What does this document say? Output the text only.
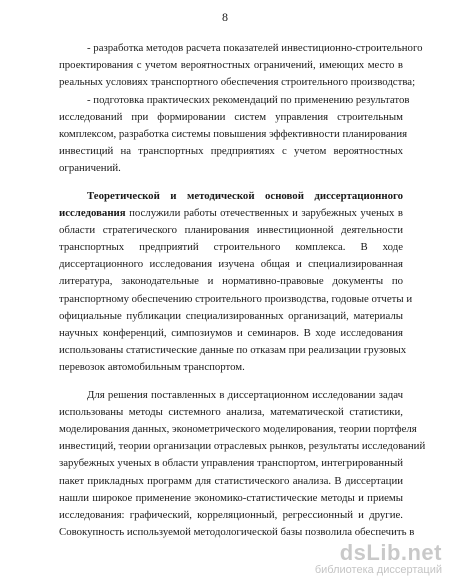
8
- разработка методов расчета показателей инвестиционно-строительного
проектирования с учетом вероятностных ограничений, имеющих место в
реальных условиях транспортного обеспечения строительного производства;
- подготовка практических рекомендаций по применению результатов
исследований при формировании систем управления строительным
комплексом, разработка системы повышения эффективности планирования
инвестиций на транспортных предприятиях с учетом вероятностных
ограничений.
Теоретической и методической основой диссертационного
исследования послужили работы отечественных и зарубежных ученых в
области стратегического планирования инвестиционной деятельности
транспортных предприятий строительного комплекса. В ходе
диссертационного исследования изучена общая и специализированная
литература, законодательные и нормативно-правовые документы по
транспортному обеспечению строительного производства, годовые отчеты и
официальные публикации специализированных организаций, материалы
научных конференций, симпозиумов и семинаров. В ходе исследования
использованы статистические данные по отказам при реализации грузовых
перевозок автомобильным транспортом.
Для решения поставленных в диссертационном исследовании задач
использованы методы системного анализа, математической статистики,
моделирования данных, эконометрического моделирования, теории портфеля
инвестиций, теории организации отраслевых рынков, результаты исследований
зарубежных ученых в области управления транспортом, интегрированный
пакет прикладных программ для статистического анализа. В диссертации
нашли широкое применение экономико-статистические методы и приемы
исследования: графический, корреляционный, регрессионный и другие.
Совокупность используемой методологической базы позволила обеспечить в
dsLib.net
библиотека диссертаций
